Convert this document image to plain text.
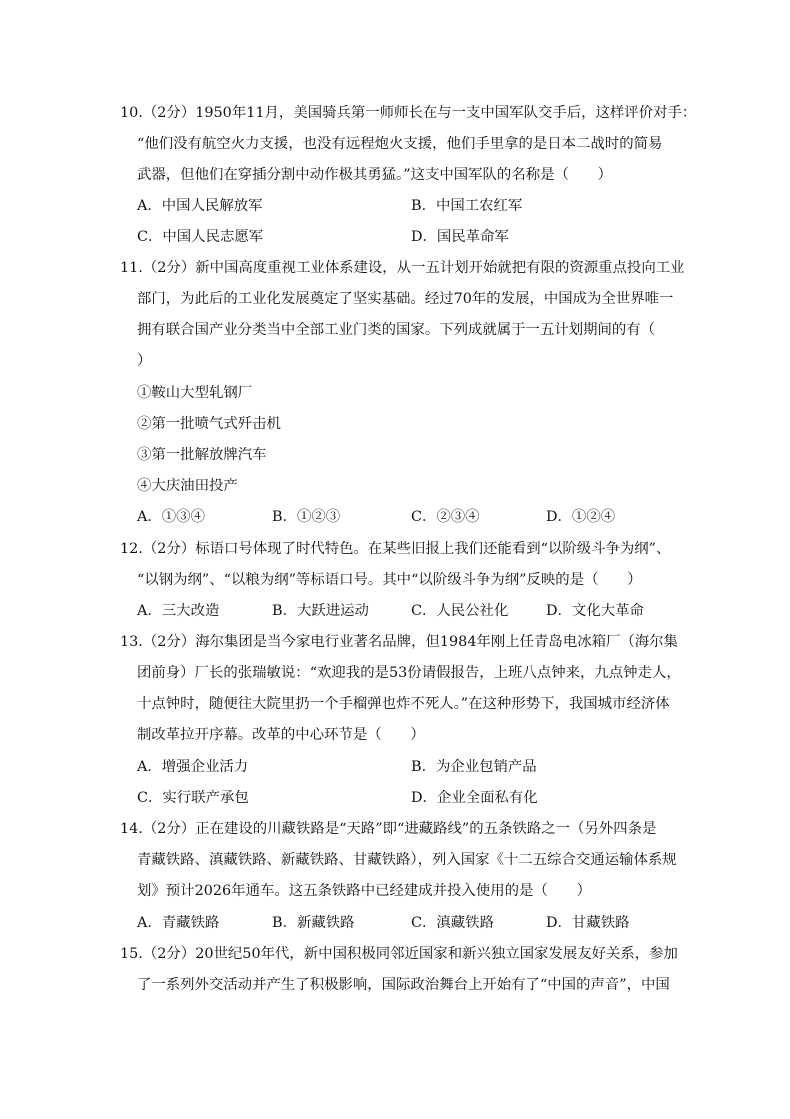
10.（2分）1950年11月，美国骑兵第一师师长在与一支中国军队交手后，这样评价对手：
“他们没有航空火力支援，也没有远程炮火支援，他们手里拿的是日本二战时的简易
武器，但他们在穿插分割中动作极其勇猛。”这支中国军队的名称是（　　）
A．中国人民解放军	B．中国工农红军
C．中国人民志愿军	D．国民革命军
11.（2分）新中国高度重视工业体系建设，从一五计划开始就把有限的资源重点投向工业
部门，为此后的工业化发展奠定了坚实基础。经过70年的发展，中国成为全世界唯一
拥有联合国产业分类当中全部工业门类的国家。下列成就属于一五计划期间的有（
）
①鞍山大型轧钢厂
②第一批喷气式歼击机
③第一批解放牌汽车
④大庆油田投产
A．①③④	B．①②③	C．②③④	D．①②④
12.（2分）标语口号体现了时代特色。在某些旧报上我们还能看到“以阶级斗争为纲”、
“以钢为纲”、“以粮为纲”等标语口号。其中“以阶级斗争为纲”反映的是（　　）
A．三大改造	B．大跃进运动	C．人民公社化	D．文化大革命
13.（2分）海尔集团是当今家电行业著名品牌，但1984年刚上任青岛电冰箱厂（海尔集
团前身）厂长的张瑞敏说：“欢迎我的是53份请假报告，上班八点钟来，九点钟走人，
十点钟时，随便往大院里扔一个手榴弹也炸不死人。”在这种形势下，我国城市经济体
制改革拉开序幕。改革的中心环节是（　　）
A．增强企业活力	B．为企业包销产品
C．实行联产承包	D．企业全面私有化
14.（2分）正在建设的川藏铁路是“天路”即“进藏路线”的五条铁路之一（另外四条是
青藏铁路、滇藏铁路、新藏铁路、甘藏铁路），列入国家《十二五综合交通运输体系规
划》预计2026年通车。这五条铁路中已经建成并投入使用的是（　　）
A．青藏铁路	B．新藏铁路	C．滇藏铁路	D．甘藏铁路
15.（2分）20世纪50年代，新中国积极同邻近国家和新兴独立国家发展友好关系，参加
了一系列外交活动并产生了积极影响，国际政治舞台上开始有了“中国的声音”，中国
